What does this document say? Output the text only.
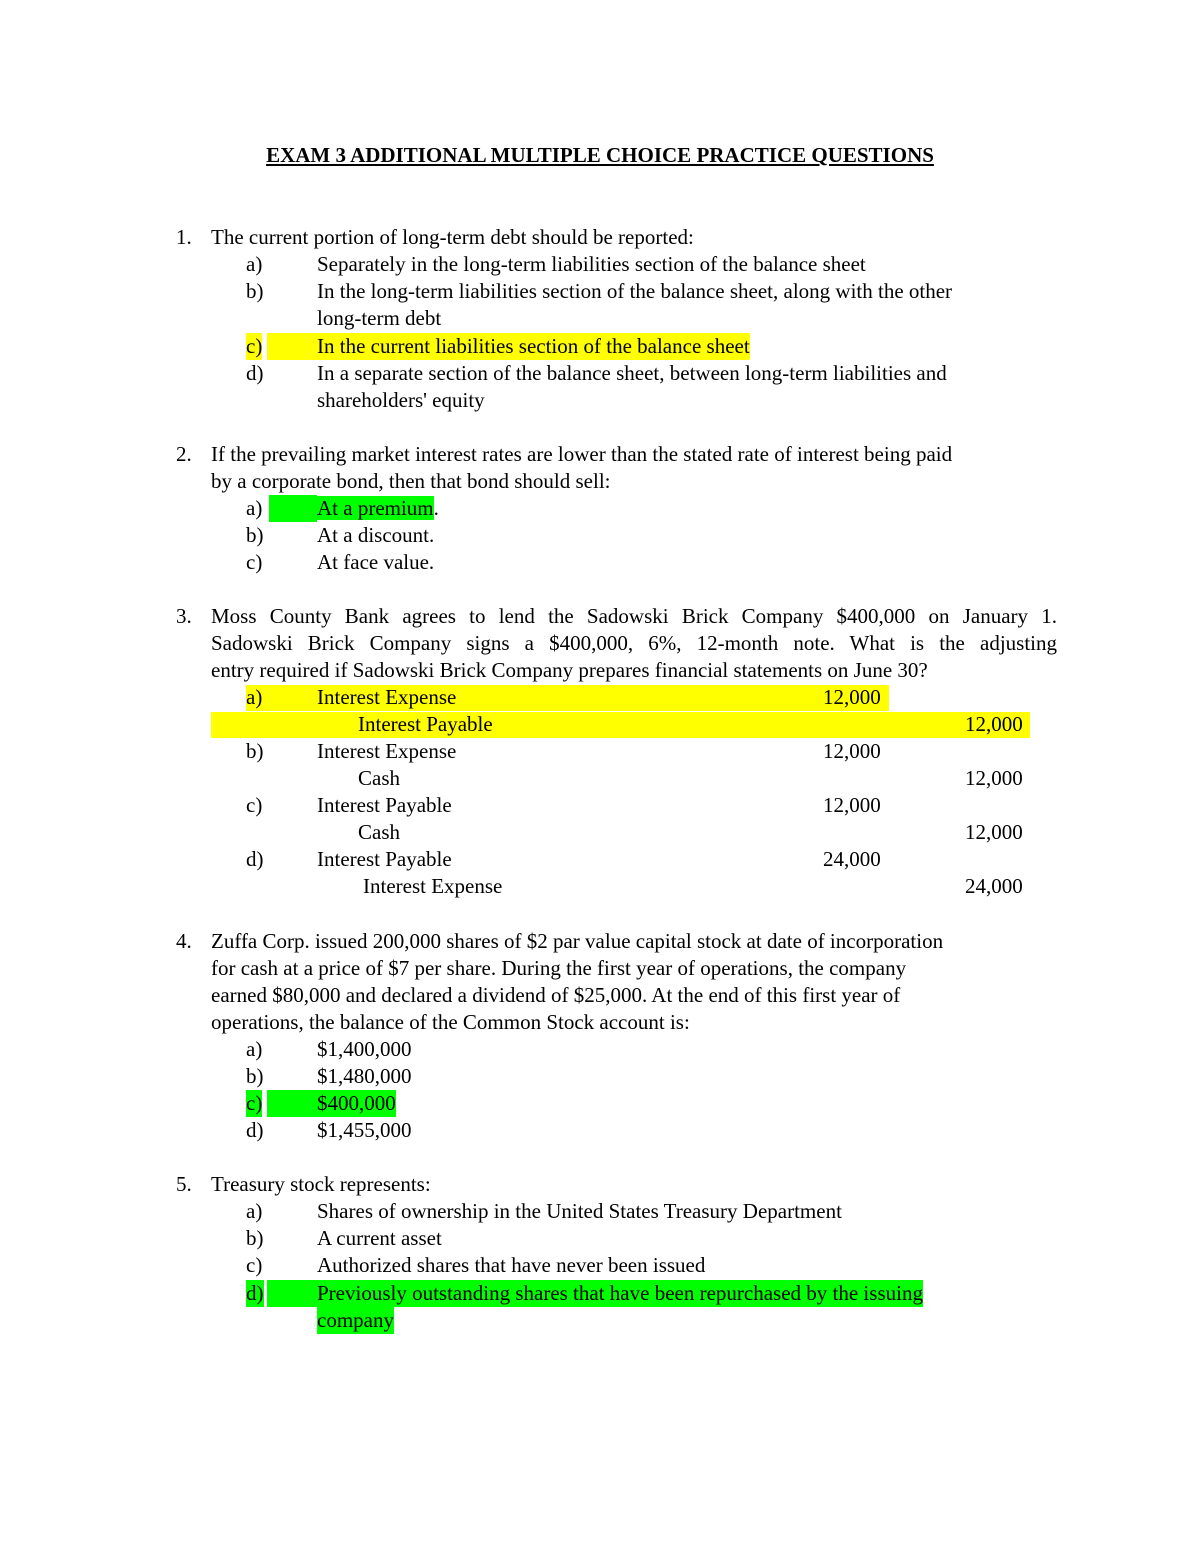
EXAM 3 ADDITIONAL MULTIPLE CHOICE PRACTICE QUESTIONS
1. The current portion of long-term debt should be reported:
a)	Separately in the long-term liabilities section of the balance sheet
b)	In the long-term liabilities section of the balance sheet, along with the other
long-term debt
c)	In the current liabilities section of the balance sheet
d)	In a separate section of the balance sheet, between long-term liabilities and
shareholders' equity
2. If the prevailing market interest rates are lower than the stated rate of interest being paid
by a corporate bond, then that bond should sell:
a)	At a premium.
b)	At a discount.
c)	At face value.
3. Moss County Bank agrees to lend the Sadowski Brick Company $400,000 on January 1.
Sadowski Brick Company signs a $400,000, 6%, 12-month note. What is the adjusting
entry required if Sadowski Brick Company prepares financial statements on June 30?
a)	Interest Expense	12,000
Interest Payable	12,000
b)	Interest Expense	12,000
Cash	12,000
c)	Interest Payable	12,000
Cash	12,000
d)	Interest Payable	24,000
Interest Expense	24,000
4. Zuffa Corp. issued 200,000 shares of $2 par value capital stock at date of incorporation
for cash at a price of $7 per share. During the first year of operations, the company
earned $80,000 and declared a dividend of $25,000. At the end of this first year of
operations, the balance of the Common Stock account is:
a)	$1,400,000
b)	$1,480,000
c)	$400,000
d)	$1,455,000
5. Treasury stock represents:
a)	Shares of ownership in the United States Treasury Department
b)	A current asset
c)	Authorized shares that have never been issued
d)	Previously outstanding shares that have been repurchased by the issuing
company
